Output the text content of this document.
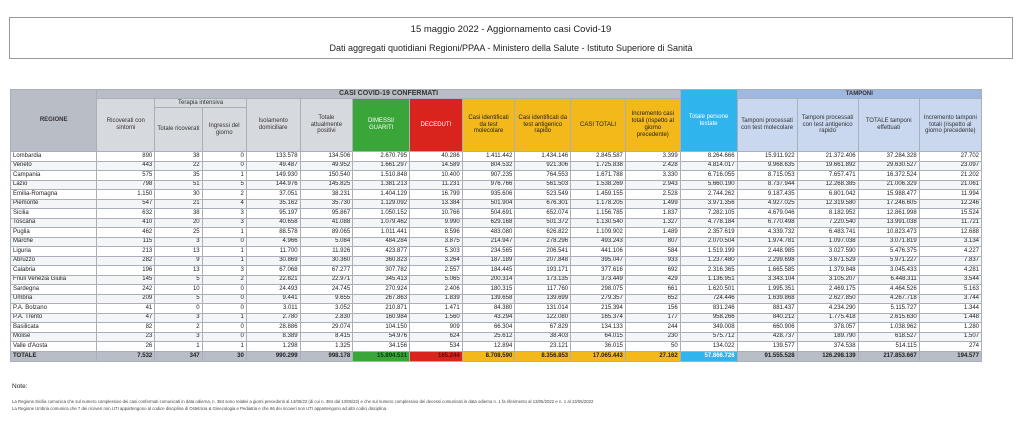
15 maggio 2022 - Aggiornamento casi Covid-19
Dati aggregati quotidiani Regioni/PPAA - Ministero della Salute - Istituto Superiore di Sanità
REGIONE	CASI COVID-19 CONFERMATI											Totale persone testate	TAMPONI			
	Ricoverati con sintomi	Terapia intensiva		Isolamento domiciliare	Totale attualmente positivi	DIMESSI/ GUARITI	DECEDUTI	Casi identificati da test molecolare	Casi identificati da test antigenico rapido	CASI TOTALI	Incremento casi totali (rispetto al giorno precedente)		Tamponi processati con test molecolare	Tamponi processati con test antigenico rapido	TOTALE tamponi effettuati	Incremento tamponi totali (rispetto al giorno precedente)
		Totale ricoverati	Ingressi del giorno													
Lombardia	890	38	0	133.578	134.506	2.670.795	40.286	1.411.442	1.434.146	2.845.587	3.399	8.264.666	15.911.922	21.372.406	37.284.328	27.702
Veneto	443	22	0	49.487	49.952	1.661.297	14.589	804.532	921.306	1.725.838	2.428	4.814.017	9.968.635	19.661.892	29.630.527	23.097
Campania	575	35	1	149.930	150.540	1.510.848	10.400	907.235	764.553	1.671.788	3.330	6.716.055	8.715.053	7.657.471	16.372.524	21.202
Lazio	798	51	5	144.976	145.825	1.381.213	11.231	976.766	561.503	1.538.269	2.943	5.660.190	8.737.944	12.268.385	21.006.329	21.061
Emilia-Romagna	1.150	30	2	37.051	38.231	1.404.129	16.799	935.606	523.549	1.459.155	2.528	2.744.262	9.187.435	6.801.042	15.988.477	11.994
Piemonte	547	21	4	35.162	35.730	1.129.092	13.384	501.904	676.301	1.178.205	1.499	3.971.356	4.927.025	12.319.580	17.246.605	12.246
Sicilia	632	38	3	95.197	95.867	1.050.152	10.766	504.691	652.074	1.156.785	1.837	7.282.105	4.679.046	8.182.952	12.861.998	15.524
Toscana	410	20	3	40.658	41.088	1.079.462	9.990	629.168	501.372	1.130.540	1.327	4.778.184	6.770.498	7.220.540	13.991.038	11.721
Puglia	462	25	1	88.578	89.065	1.011.441	8.596	483.080	626.822	1.109.902	1.489	2.357.619	4.339.732	6.483.741	10.823.473	12.688
Marche	115	3	0	4.966	5.084	484.284	3.875	214.947	278.296	493.243	807	2.070.504	1.974.781	1.097.038	3.071.819	3.134
Liguria	213	13	1	11.700	11.926	423.877	5.303	234.565	206.541	441.106	584	1.519.199	2.448.985	3.027.590	5.476.375	4.227
Abruzzo	282	9	1	30.869	30.360	360.823	3.264	187.189	207.848	395.047	933	1.237.480	2.299.698	3.671.529	5.971.227	7.837
Calabria	196	13	3	67.068	67.277	307.782	2.557	184.445	193.171	377.616	692	2.316.365	1.665.585	1.379.848	3.045.433	4.281
Friuli Venezia Giulia	145	5	2	22.821	22.971	345.413	5.065	200.314	173.135	373.449	429	1.136.951	3.343.104	3.105.207	6.448.311	3.544
Sardegna	242	10	0	24.493	24.745	270.924	2.406	180.315	117.760	298.075	661	1.620.501	1.995.351	2.469.175	4.464.526	5.163
Umbria	209	5	0	9.441	9.655	267.863	1.839	139.658	139.699	279.357	652	724.446	1.639.868	2.627.850	4.267.718	3.744
P.A. Bolzano	41	0	0	3.011	3.052	210.871	1.471	84.380	131.014	215.394	156	831.246	881.437	4.234.290	5.115.727	1.344
P.A. Trento	47	3	1	2.780	2.830	160.984	1.560	43.294	122.080	165.374	177	958.266	840.212	1.775.418	2.615.630	1.448
Basilicata	82	2	0	28.886	29.074	104.150	909	66.304	67.829	134.133	244	349.008	660.906	378.057	1.038.962	1.280
Molise	23	3	0	8.389	8.415	54.976	624	25.612	38.403	64.015	230	575.712	428.737	189.790	618.527	1.507
Valle d'Aosta	26	1	1	1.298	1.325	34.156	534	12.894	23.121	36.015	50	134.022	139.577	374.538	514.115	274
TOTALE	7.532	347	30	990.299	998.178	15.894.531	165.244	8.708.590	8.356.853	17.065.443	27.162	57.866.726	91.555.528	126.298.139	217.853.667	194.577
Note:
La Regione Sicilia comunica che sul numero complessivo dei casi confermati comunicati in data odierna, n. 384 sono relativi a giorni precedenti al 14/05/22 (di cui n. 384 dal 13/05/22) e che sul numero complessivo dei decessi comunicati in data odierna n. 1 fa riferimento al 13/05/2022 e n. 1 al 13/05/2022
La Regione Umbria comunica che 7 dei ricoveri non UTI appartengono al codice disciplina di Ostetricia & Ginecologia e Pediatria e che 66 dei ricoveri non UTI appartengono ad altri codici disciplina.
